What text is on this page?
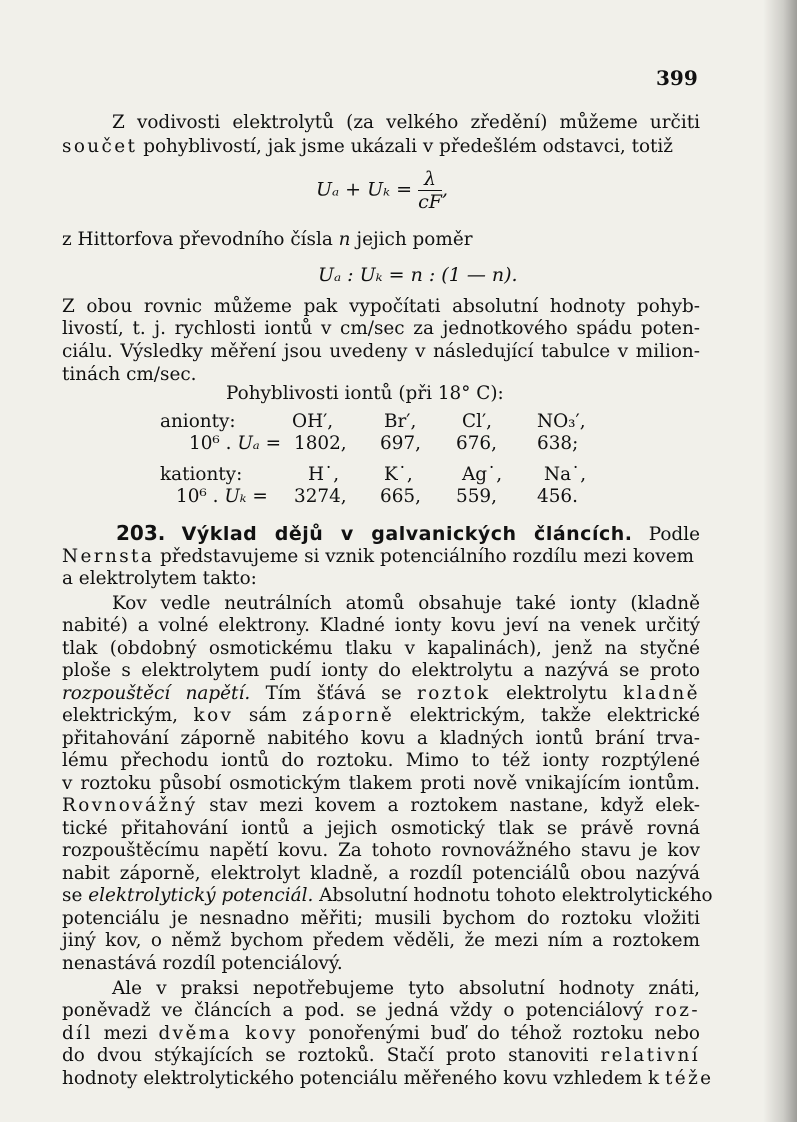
399
Z vodivosti elektrolytů (za velkého zředění) můžeme určiti
součet pohyblivostí, jak jsme ukázali v předešlém odstavci, totiž
$U_a + U_k = \frac{\lambda}{cF}$ ,
z Hittorfova převodního čísla n jejich poměr
Uₐ : Uₖ = n : (1 — n).
Z obou rovnic můžeme pak vypočítati absolutní hodnoty pohyb-
livostí, t. j. rychlosti iontů v cm/sec za jednotkového spádu poten-
ciálu. Výsledky měření jsou uvedeny v následující tabulce v milion-
tinách cm/sec.
Pohyblivosti iontů (při 18° C):
anionty:	OH′,	Br′, Cl′, NO₃′,
10⁶ . Uₐ = 1802, 697, 676, 638;
kationty:	H˙, K˙,	Ag˙, Na˙,
10⁶ . Uₖ = 3274, 665, 559, 456.
203. Výklad dějů v galvanických článcích. Podle
Nernsta představujeme si vznik potenciálního rozdílu mezi kovem
a elektrolytem takto:
Kov vedle neutrálních atomů obsahuje také ionty (kladně
nabité) a volné elektrony. Kladné ionty kovu jeví na venek určitý
tlak (obdobný osmotickému tlaku v kapalinách), jenž na styčné
ploše s elektrolytem pudí ionty do elektrolytu a nazývá se proto
rozpouštěcí napětí. Tím šťává se roztok elektrolytu kladně
elektrickým, kov sám záporně elektrickým, takže elektrické
přitahování záporně nabitého kovu a kladných iontů brání trva-
lému přechodu iontů do roztoku. Mimo to též ionty rozptýlené
v roztoku působí osmotickým tlakem proti nově vnikajícím iontům.
Rovnovážný stav mezi kovem a roztokem nastane, když elek-
tické přitahování iontů a jejich osmotický tlak se právě rovná
rozpouštěcímu napětí kovu. Za tohoto rovnovážného stavu je kov
nabit záporně, elektrolyt kladně, a rozdíl potenciálů obou nazývá
se elektrolytický potenciál. Absolutní hodnotu tohoto elektrolytického
potenciálu je nesnadno měřiti; musili bychom do roztoku vložiti
jiný kov, o němž bychom předem věděli, že mezi ním a roztokem
nenastává rozdíl potenciálový.
Ale v praksi nepotřebujeme tyto absolutní hodnoty znáti,
poněvadž ve článcích a pod. se jedná vždy o potenciálový roz-
díl mezi dvěma kovy ponořenými buď do téhož roztoku nebo
do dvou stýkajících se roztoků. Stačí proto stanoviti relativní
hodnoty elektrolytického potenciálu měřeného kovu vzhledem k téže
